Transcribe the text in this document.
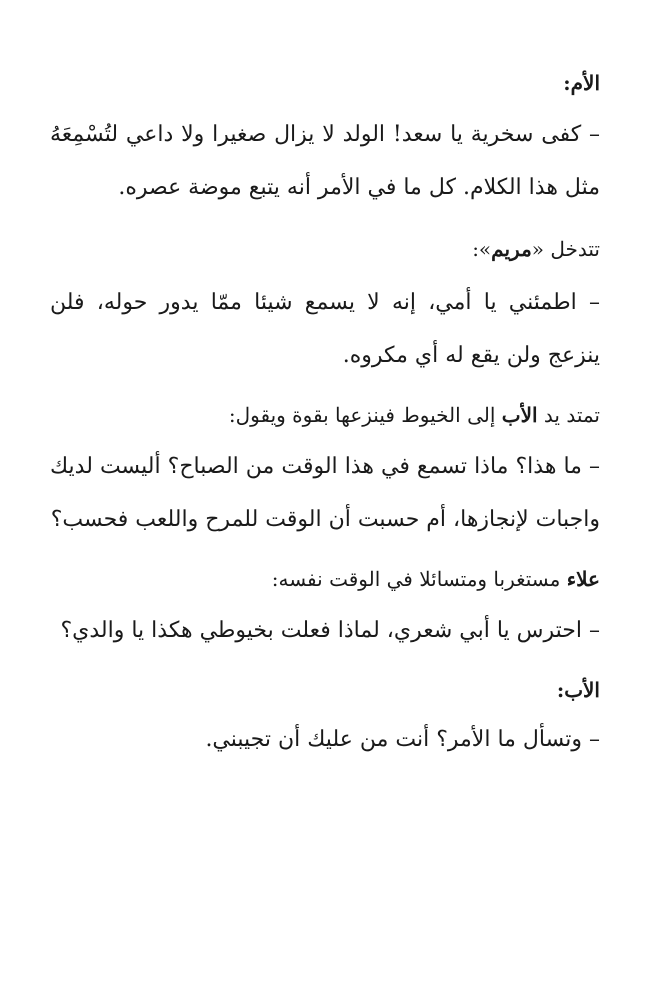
الأم:

– كفى سخرية يا سعد! الولد لا يزال صغيرا ولا داعي لتُسْمِعَهُ مثل هذا الكلام. كل ما في الأمر أنه يتبع موضة عصره.

تتدخل «مريم»:

– اطمئني يا أمي، إنه لا يسمع شيئا ممّا يدور حوله، فلن ينزعج ولن يقع له أي مكروه.

تمتد يد الأب إلى الخيوط فينزعها بقوة ويقول:

– ما هذا؟ ماذا تسمع في هذا الوقت من الصباح؟ أليست لديك واجبات لإنجازها، أم حسبت أن الوقت للمرح واللعب فحسب؟

علاء مستغربا ومتسائلا في الوقت نفسه:

– احترس يا أبي شعري، لماذا فعلت بخيوطي هكذا يا والدي؟

الأب:

– وتسأل ما الأمر؟ أنت من عليك أن تجيبني.
